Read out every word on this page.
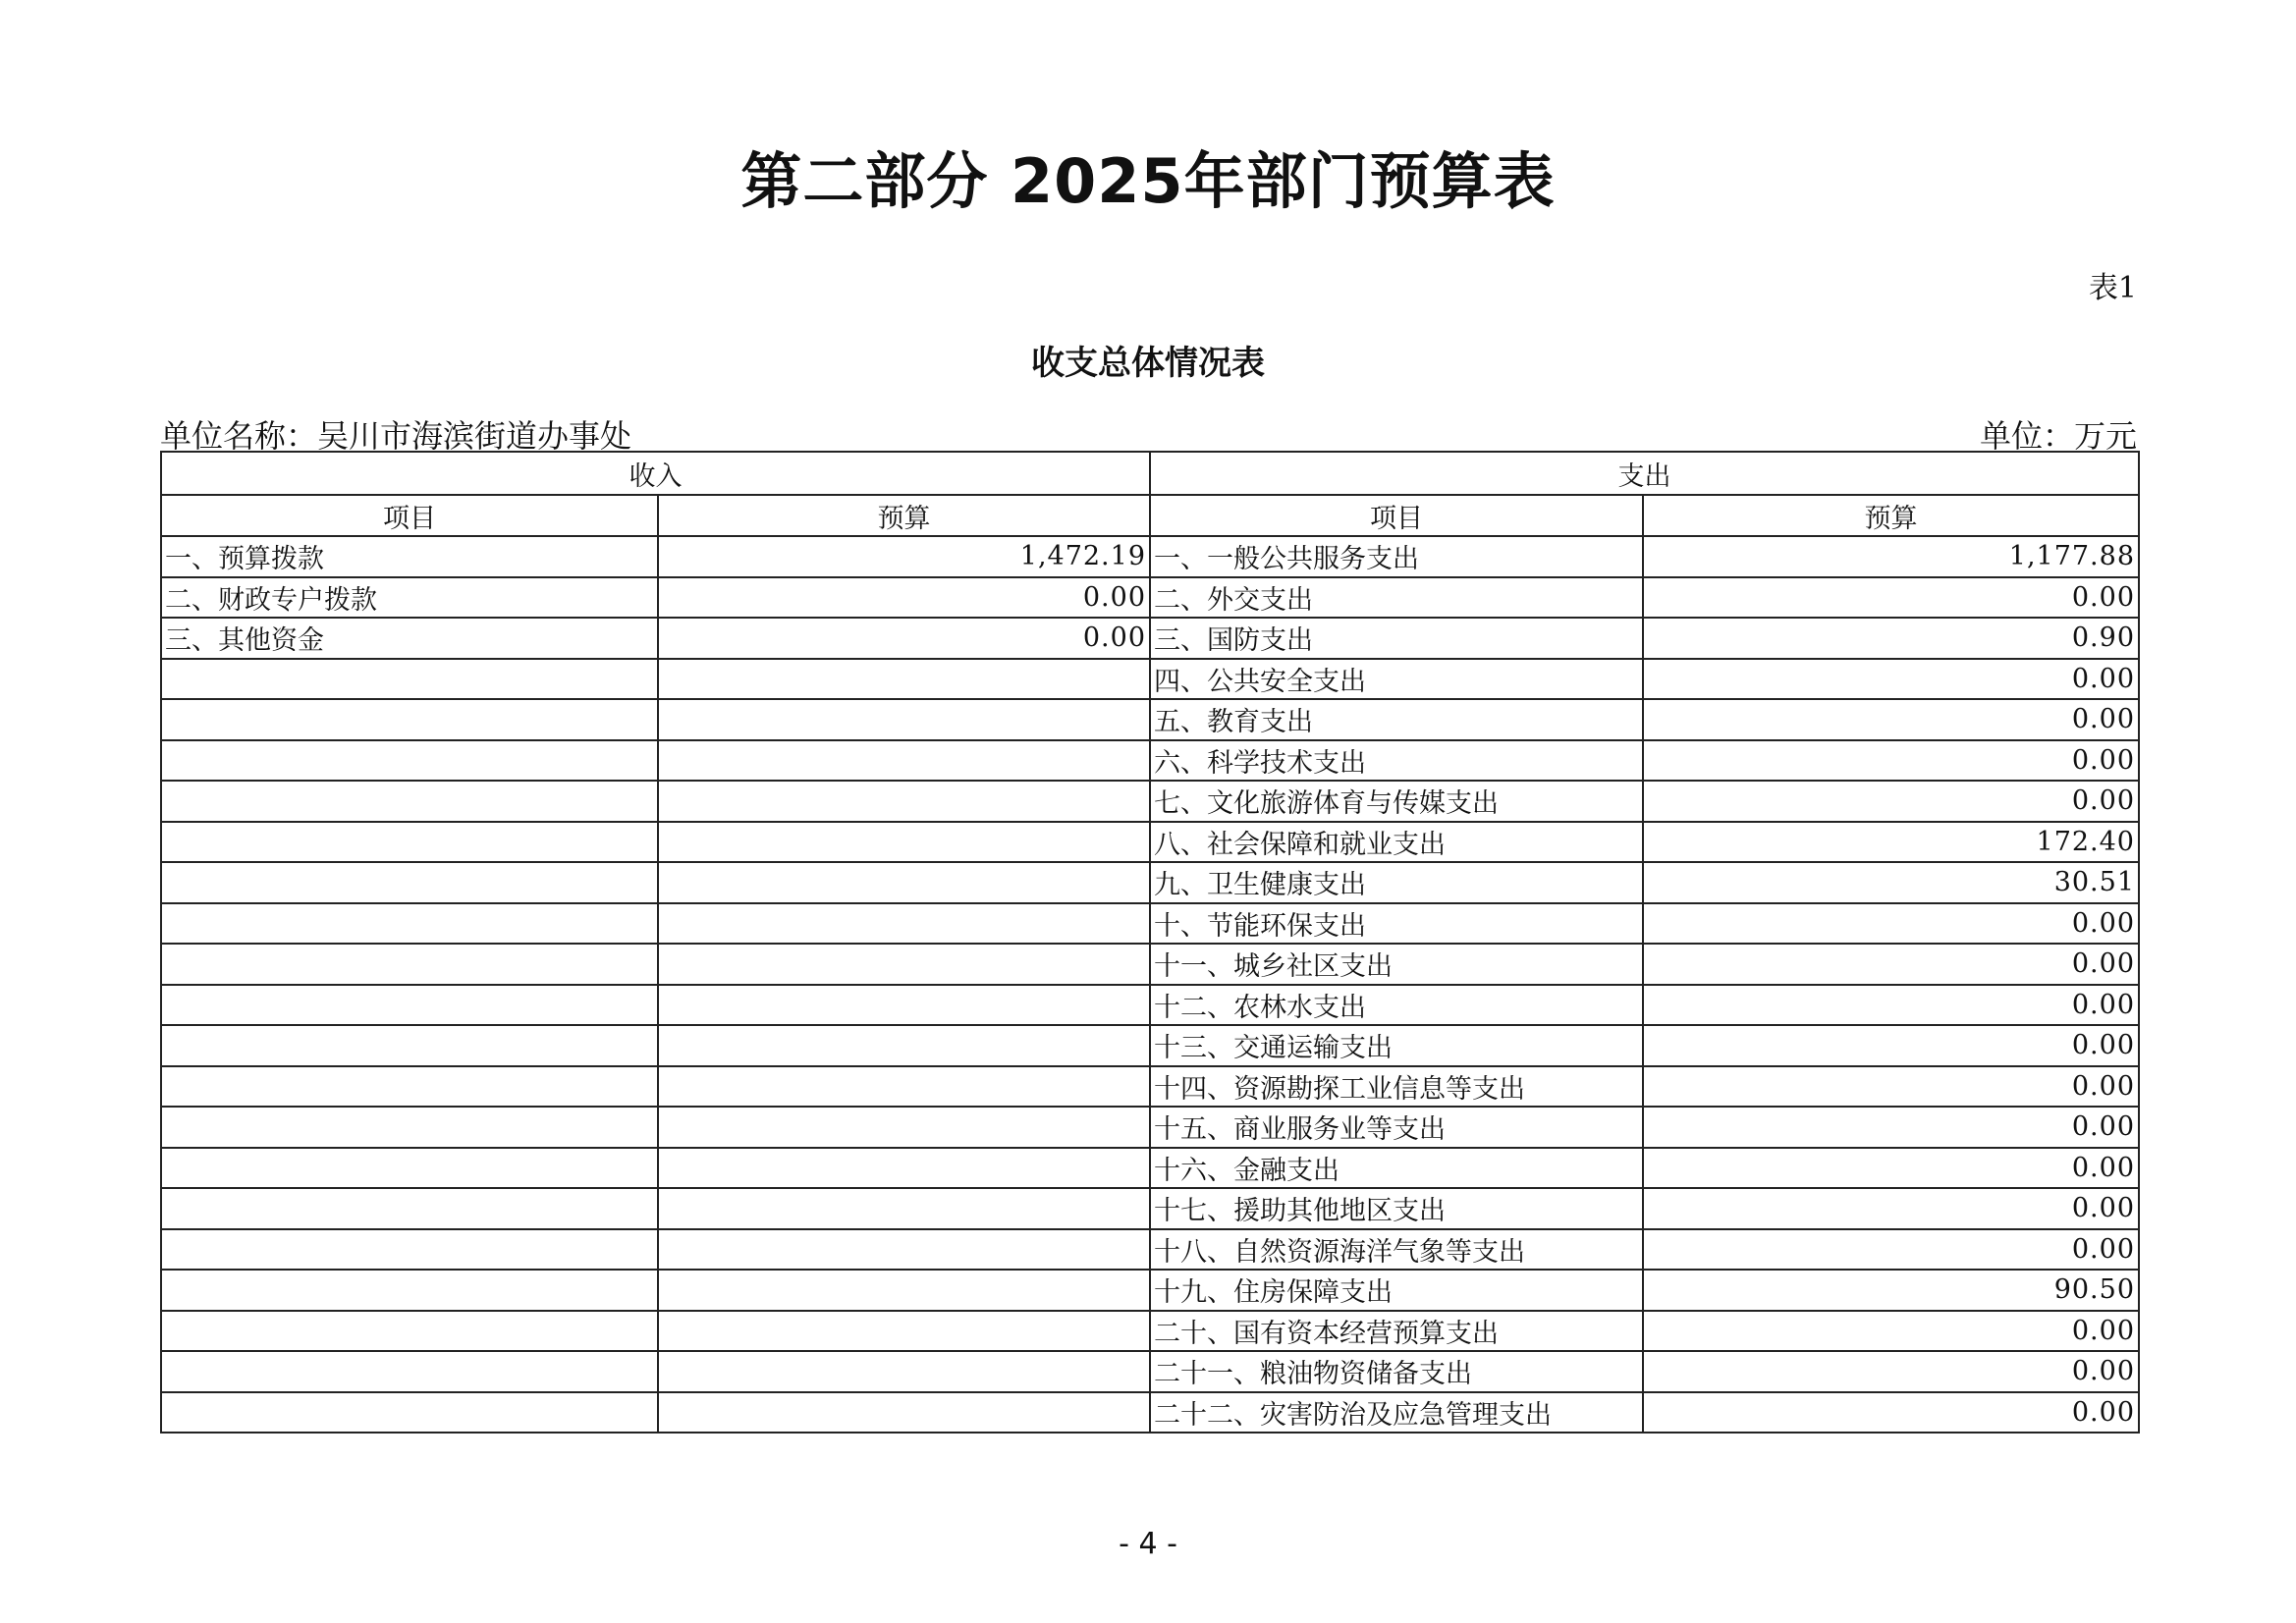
第二部分 2025年部门预算表
表1
收支总体情况表
单位名称：吴川市海滨街道办事处	单位：万元
收入		支出	
项目	预算	项目	预算
一、预算拨款	1,472.19	一、一般公共服务支出	1,177.88
二、财政专户拨款	0.00	二、外交支出	0.00
三、其他资金	0.00	三、国防支出	0.90
		四、公共安全支出	0.00
		五、教育支出	0.00
		六、科学技术支出	0.00
		七、文化旅游体育与传媒支出	0.00
		八、社会保障和就业支出	172.40
		九、卫生健康支出	30.51
		十、节能环保支出	0.00
		十一、城乡社区支出	0.00
		十二、农林水支出	0.00
		十三、交通运输支出	0.00
		十四、资源勘探工业信息等支出	0.00
		十五、商业服务业等支出	0.00
		十六、金融支出	0.00
		十七、援助其他地区支出	0.00
		十八、自然资源海洋气象等支出	0.00
		十九、住房保障支出	90.50
		二十、国有资本经营预算支出	0.00
		二十一、粮油物资储备支出	0.00
		二十二、灾害防治及应急管理支出	0.00
- 4 -
